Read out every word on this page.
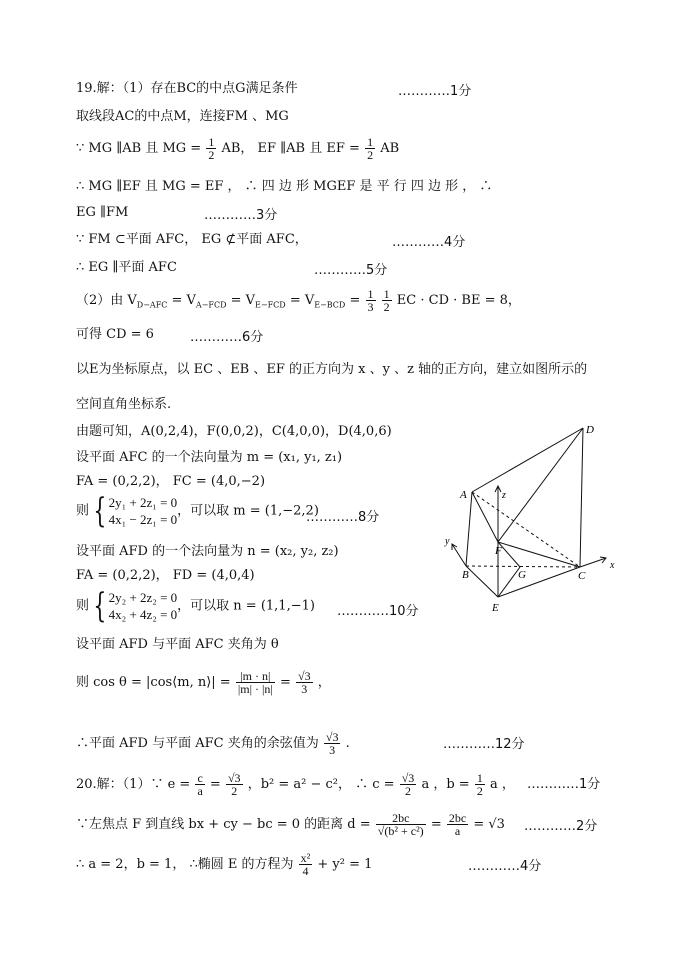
19.解：（1）存在BC的中点G满足条件	…………1分
取线段AC的中点M，连接FM 、MG
∵ MG ∥AB 且 MG = $\frac{1}{2}$ AB， EF ∥AB 且 EF = $\frac{1}{2}$ AB
∴ MG ∥EF 且 MG = EF ， ∴ 四 边 形 MGEF 是 平 行 四 边 形 ， ∴
EG ∥FM	…………3分
∵ FM ⊂平面 AFC， EG ⊄平面 AFC，	…………4分
∴ EG ∥平面 AFC	…………5分
（2）由 $V_{D-AFC} = V_{A-FCD} = V_{E-FCD} = V_{E-BCD} = \frac{1}{3}$
$\frac{1}{2}$ EC · CD · BE = 8，
可得 CD = 6	…………6分
以E为坐标原点，以 EC 、EB 、EF 的正方向为 x 、y 、z 轴的正方向，建立如图所示的
空间直角坐标系.
由题可知，A(0,2,4)，F(0,0,2)，C(4,0,0)，D(4,0,6)
设平面 AFC 的一个法向量为 m = (x₁, y₁, z₁)
FA = (0,2,2)， FC = (4,0,−2)
则 { 2y₁ + 2z₁ = 0
4x₁ − 2z₁ = 0，可以取 m = (1,−2,2)
…………8分
设平面 AFD 的一个法向量为 n = (x₂, y₂, z₂)
FA = (0,2,2)， FD = (4,0,4)
则 { 2y₂ + 2z₂ = 0
4x₂ + 4z₂ = 0，可以取 n = (1,1,−1) …………10分
设平面 AFD 与平面 AFC 夹角为 θ
则 cos θ = |cos⟨m, n⟩| = $\frac{|m \cdot n|}{|m| \cdot |n|} = \frac{√3}{3}$ ，
∴平面 AFD 与平面 AFC 夹角的余弦值为 $\frac{√3}{3}$ .	…………12分
20.解：（1）∵ $e = \frac{c}{a} = \frac{√3}{2}$ ，b² = a² − c²， ∴ $c = \frac{√3}{2}$ a ，$b = \frac{1}{2}$ a ， …………1分
∵左焦点 F 到直线 bx + cy − bc = 0 的距离 $d = \frac{2bc}{\text{√(b² + c²)}} = \frac{2bc}{a} = √3$ …………2分
∴ a = 2，b = 1， ∴椭圆 E 的方程为 $\frac{\text{x²}}{4} + y^2 = 1$	…………4分
D
A	z
y
F
B	G	C
x
E
